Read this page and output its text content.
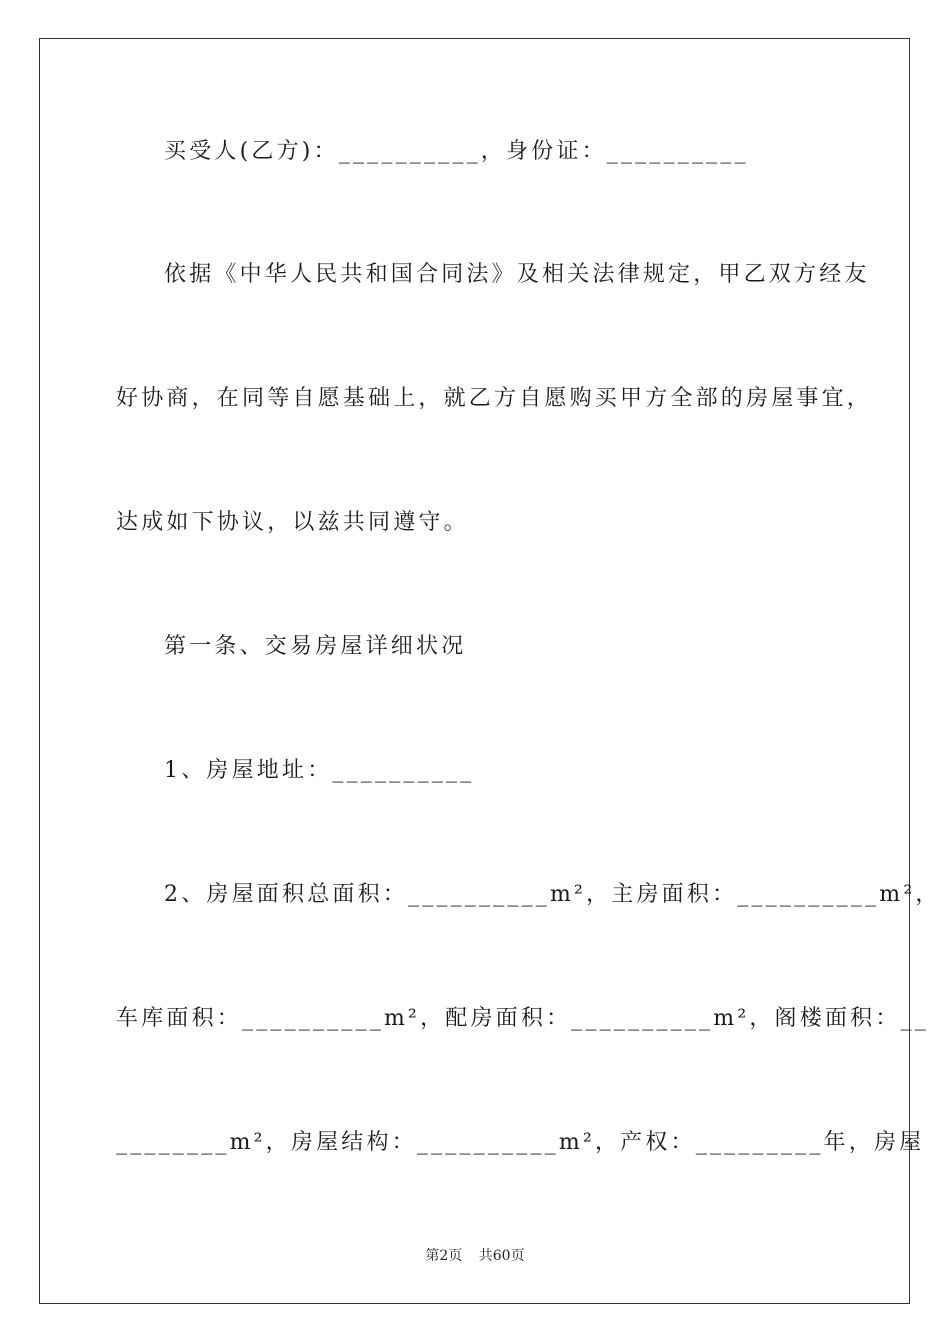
买受人(乙方)：__________，身份证：__________
依据《中华人民共和国合同法》及相关法律规定，甲乙双方经友
好协商，在同等自愿基础上，就乙方自愿购买甲方全部的房屋事宜，
达成如下协议，以兹共同遵守。
第一条、交易房屋详细状况
1、房屋地址：__________
2、房屋面积总面积：__________m²，主房面积：__________m²，
车库面积：__________m²，配房面积：__________m²，阁楼面积：__
________m²，房屋结构：__________m²，产权：_________年，房屋
第2页 共60页
